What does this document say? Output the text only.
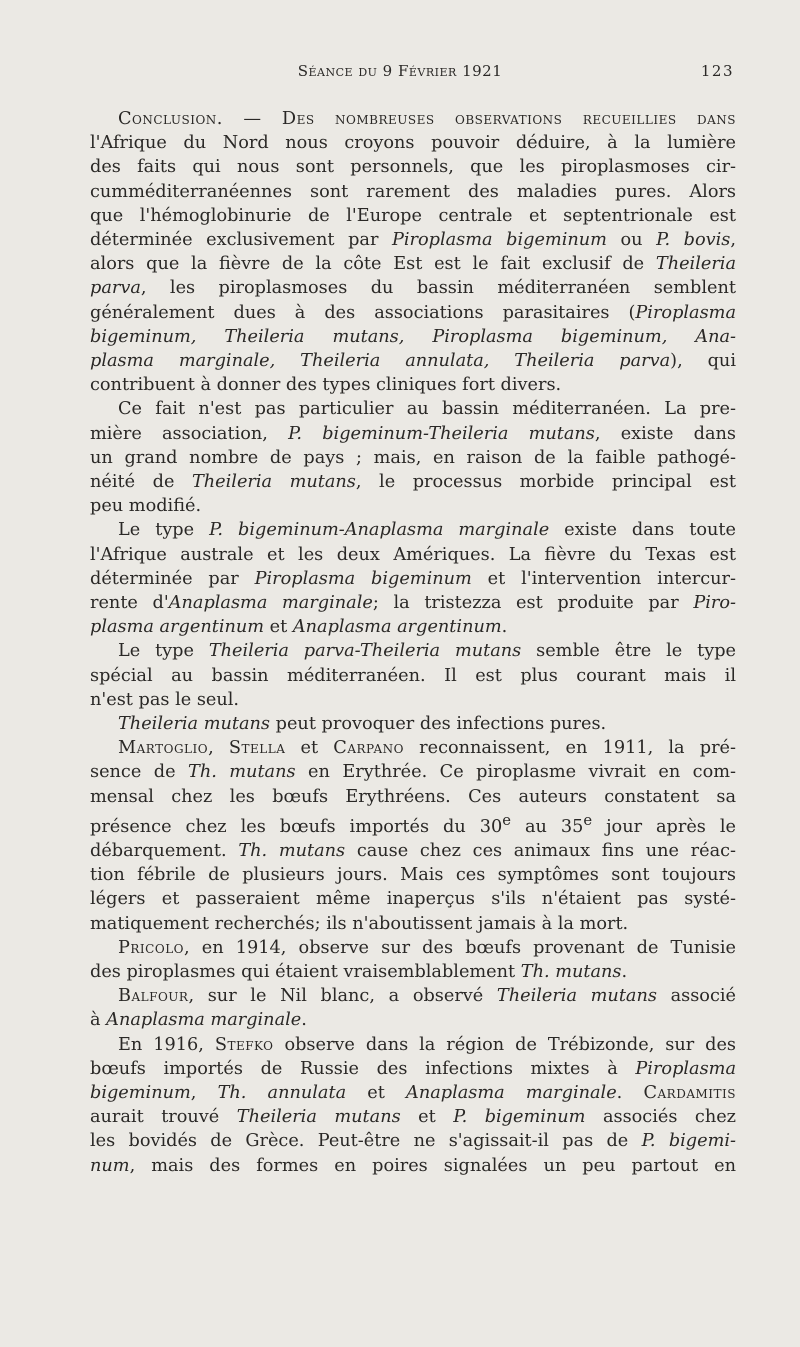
Séance du 9 Février 1921	123
Conclusion. — Des nombreuses observations recueillies dans
l'Afrique du Nord nous croyons pouvoir déduire, à la lumière
des faits qui nous sont personnels, que les piroplasmoses cir-
cumméditerranéennes sont rarement des maladies pures. Alors
que l'hémoglobinurie de l'Europe centrale et septentrionale est
déterminée exclusivement par Piroplasma bigeminum ou P. bovis,
alors que la fièvre de la côte Est est le fait exclusif de Theileria
parva, les piroplasmoses du bassin méditerranéen semblent
généralement dues à des associations parasitaires (Piroplasma
bigeminum, Theileria mutans, Piroplasma bigeminum, Ana-
plasma marginale, Theileria annulata, Theileria parva), qui
contribuent à donner des types cliniques fort divers.
Ce fait n'est pas particulier au bassin méditerranéen. La pre-
mière association, P. bigeminum-Theileria mutans, existe dans
un grand nombre de pays ; mais, en raison de la faible pathogé-
néité de Theileria mutans, le processus morbide principal est
peu modifié.
Le type P. bigeminum-Anaplasma marginale existe dans toute
l'Afrique australe et les deux Amériques. La fièvre du Texas est
déterminée par Piroplasma bigeminum et l'intervention intercur-
rente d'Anaplasma marginale; la tristezza est produite par Piro-
plasma argentinum et Anaplasma argentinum.
Le type Theileria parva-Theileria mutans semble être le type
spécial au bassin méditerranéen. Il est plus courant mais il
n'est pas le seul.
Theileria mutans peut provoquer des infections pures.
Martoglio, Stella et Carpano reconnaissent, en 1911, la pré-
sence de Th. mutans en Erythrée. Ce piroplasme vivrait en com-
mensal chez les bœufs Erythréens. Ces auteurs constatent sa
présence chez les bœufs importés du 30e au 35e jour après le
débarquement. Th. mutans cause chez ces animaux fins une réac-
tion fébrile de plusieurs jours. Mais ces symptômes sont toujours
légers et passeraient même inaperçus s'ils n'étaient pas systé-
matiquement recherchés; ils n'aboutissent jamais à la mort.
Pricolo, en 1914, observe sur des bœufs provenant de Tunisie
des piroplasmes qui étaient vraisemblablement Th. mutans.
Balfour, sur le Nil blanc, a observé Theileria mutans associé
à Anaplasma marginale.
En 1916, Stefko observe dans la région de Trébizonde, sur des
bœufs importés de Russie des infections mixtes à Piroplasma
bigeminum, Th. annulata et Anaplasma marginale. Cardamitis
aurait trouvé Theileria mutans et P. bigeminum associés chez
les bovidés de Grèce. Peut-être ne s'agissait-il pas de P. bigemi-
num, mais des formes en poires signalées un peu partout en
